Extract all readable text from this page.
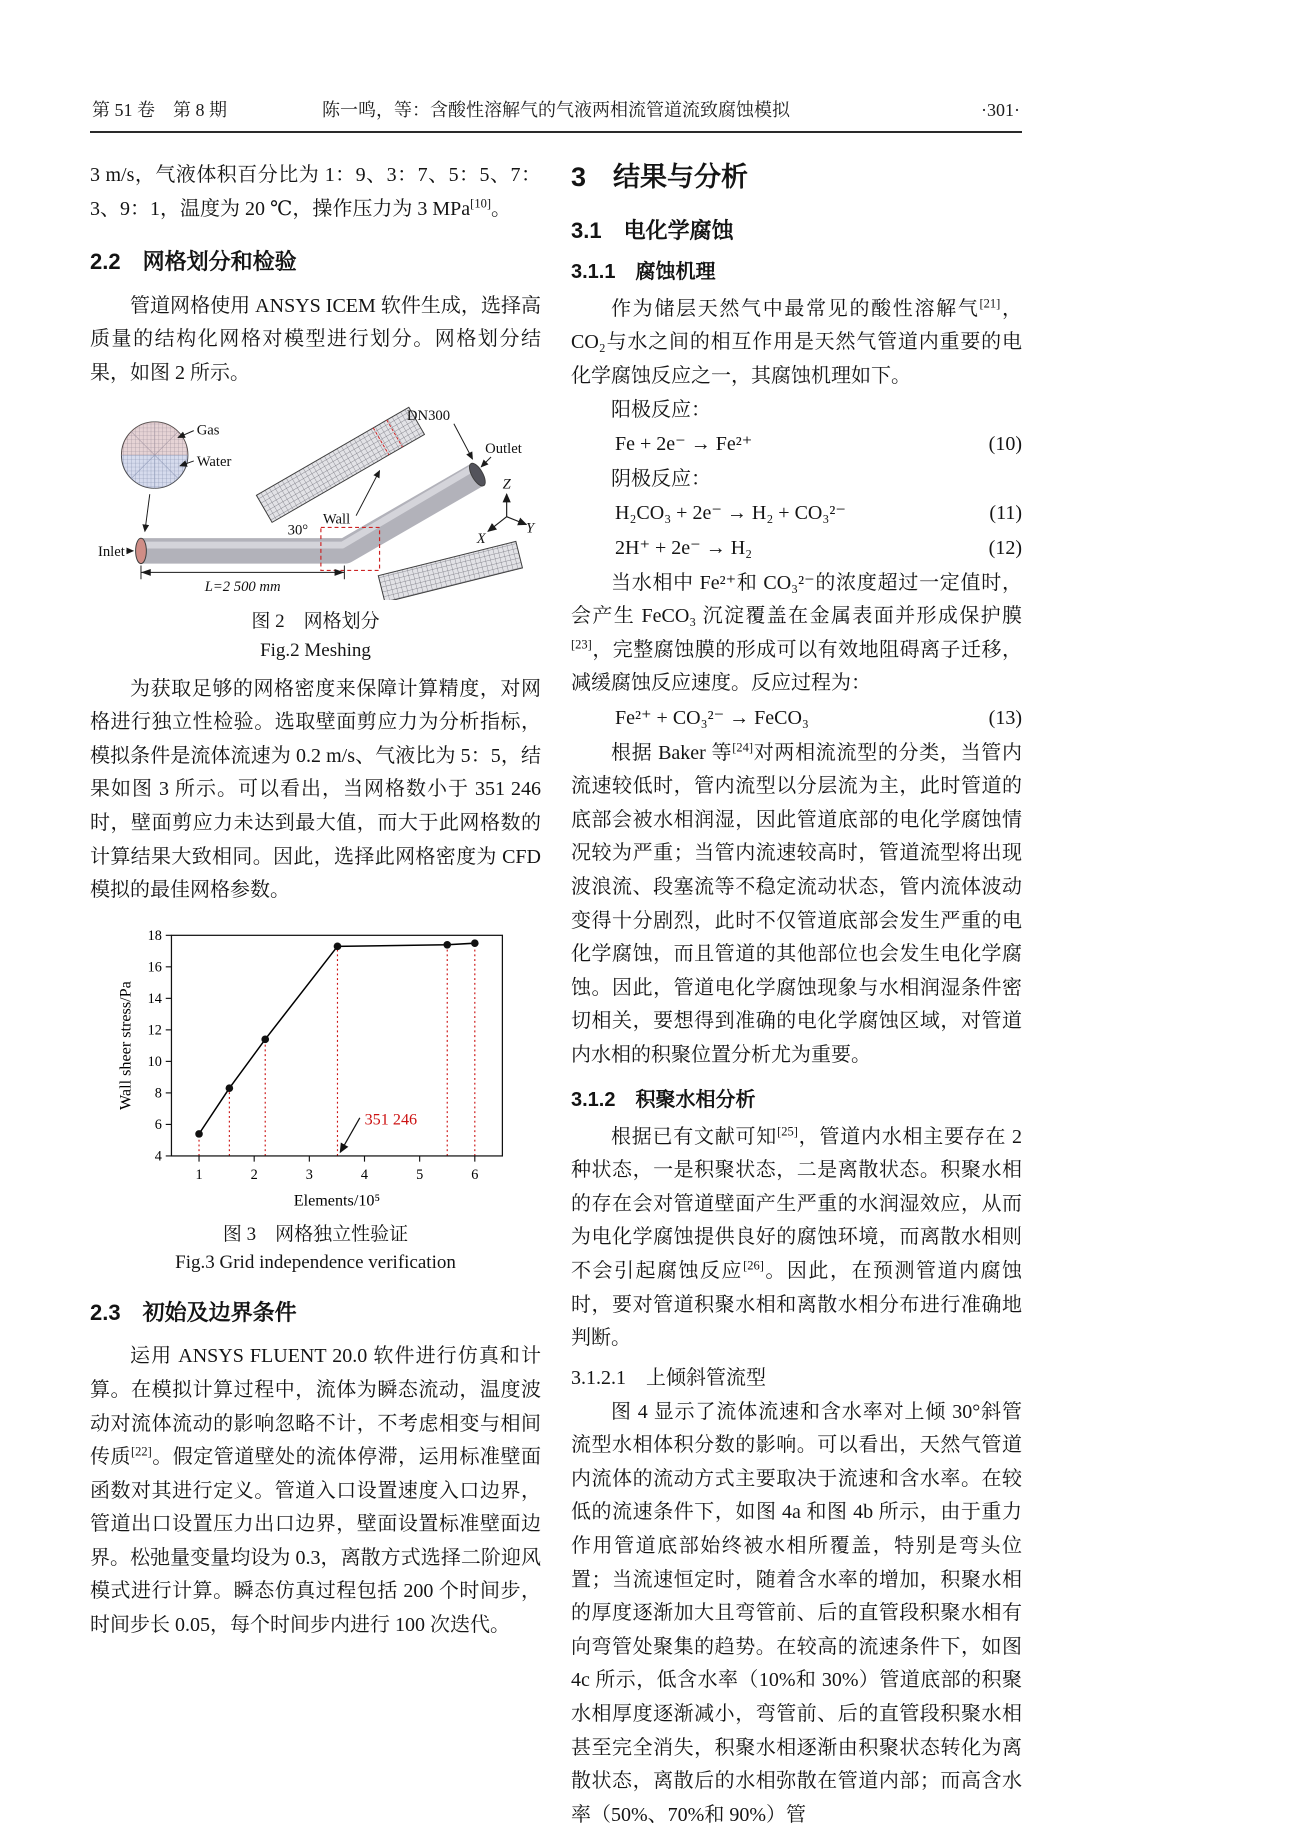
第 51 卷　第 8 期	陈一鸣，等：含酸性溶解气的气液两相流管道流致腐蚀模拟	·301·

3 m/s，气液体积百分比为 1：9、3：7、5：5、7：3、9：1，温度为 20 ℃，操作压力为 3 MPa[10]。

2.2　网格划分和检验

管道网格使用 ANSYS ICEM 软件生成，选择高质量的结构化网格对模型进行划分。网格划分结果，如图 2 所示。

Gas
Water
Wall
30°
DN300
Outlet
Inlet
L=2 500 mm
Z
X
Y
图 2　网格划分
Fig.2 Meshing

为获取足够的网格密度来保障计算精度，对网格进行独立性检验。选取壁面剪应力为分析指标，模拟条件是流体流速为 0.2 m/s、气液比为 5：5，结果如图 3 所示。可以看出，当网格数小于 351 246 时，壁面剪应力未达到最大值，而大于此网格数的计算结果大致相同。因此，选择此网格密度为 CFD 模拟的最佳网格参数。

4
6
8
10
12
14
16
18
1	2	3	4	5	6
Wall sheer stress/Pa
Elements/10⁵
351 246
图 3　网格独立性验证
Fig.3 Grid independence verification
2.3　初始及边界条件

运用 ANSYS FLUENT 20.0 软件进行仿真和计算。在模拟计算过程中，流体为瞬态流动，温度波动对流体流动的影响忽略不计，不考虑相变与相间传质[22]。假定管道壁处的流体停滞，运用标准壁面函数对其进行定义。管道入口设置速度入口边界，管道出口设置压力出口边界，壁面设置标准壁面边界。松弛量变量均设为 0.3，离散方式选择二阶迎风模式进行计算。瞬态仿真过程包括 200 个时间步，时间步长 0.05，每个时间步内进行 100 次迭代。

3　结果与分析
3.1　电化学腐蚀
3.1.1　腐蚀机理

作为储层天然气中最常见的酸性溶解气[21]，CO₂与水之间的相互作用是天然气管道内重要的电化学腐蚀反应之一，其腐蚀机理如下。

阳极反应：

Fe + 2e⁻ → Fe²⁺	(10)

阴极反应：

H₂CO₃ + 2e⁻ → H₂ + CO₃²⁻	(11)
2H⁺ + 2e⁻ → H₂	(12)

当水相中 Fe²⁺和 CO₃²⁻的浓度超过一定值时，会产生 FeCO₃ 沉淀覆盖在金属表面并形成保护膜[23]，完整腐蚀膜的形成可以有效地阻碍离子迁移，减缓腐蚀反应速度。反应过程为：

Fe²⁺ + CO₃²⁻ → FeCO₃	(13)

根据 Baker 等[24]对两相流流型的分类，当管内流速较低时，管内流型以分层流为主，此时管道的底部会被水相润湿，因此管道底部的电化学腐蚀情况较为严重；当管内流速较高时，管道流型将出现波浪流、段塞流等不稳定流动状态，管内流体波动变得十分剧烈，此时不仅管道底部会发生严重的电化学腐蚀，而且管道的其他部位也会发生电化学腐蚀。因此，管道电化学腐蚀现象与水相润湿条件密切相关，要想得到准确的电化学腐蚀区域，对管道内水相的积聚位置分析尤为重要。

3.1.2　积聚水相分析

根据已有文献可知[25]，管道内水相主要存在 2 种状态，一是积聚状态，二是离散状态。积聚水相的存在会对管道壁面产生严重的水润湿效应，从而为电化学腐蚀提供良好的腐蚀环境，而离散水相则不会引起腐蚀反应[26]。因此，在预测管道内腐蚀时，要对管道积聚水相和离散水相分布进行准确地判断。

3.1.2.1　上倾斜管流型

图 4 显示了流体流速和含水率对上倾 30°斜管流型水相体积分数的影响。可以看出，天然气管道内流体的流动方式主要取决于流速和含水率。在较低的流速条件下，如图 4a 和图 4b 所示，由于重力作用管道底部始终被水相所覆盖，特别是弯头位置；当流速恒定时，随着含水率的增加，积聚水相的厚度逐渐加大且弯管前、后的直管段积聚水相有向弯管处聚集的趋势。在较高的流速条件下，如图 4c 所示，低含水率（10%和 30%）管道底部的积聚水相厚度逐渐减小，弯管前、后的直管段积聚水相甚至完全消失，积聚水相逐渐由积聚状态转化为离散状态，离散后的水相弥散在管道内部；而高含水率（50%、70%和 90%）管
